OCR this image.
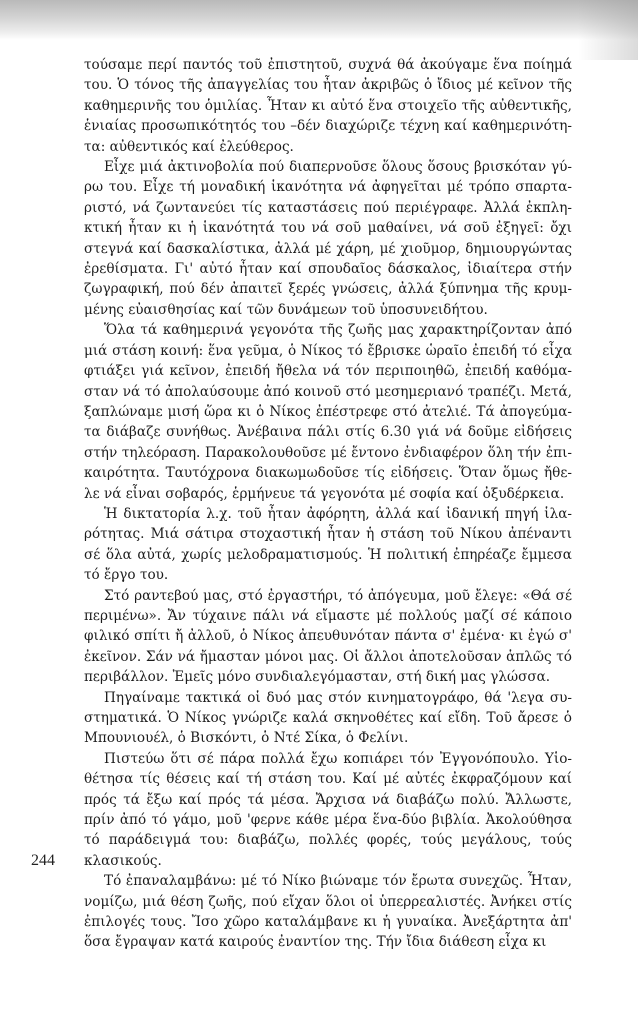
τούσαμε περί παντός τοῦ ἐπιστητοῦ, συχνά θά ἀκούγαμε ἕνα ποίημά του. Ὁ τόνος τῆς ἀπαγγελίας του ἦταν ἀκριβῶς ὁ ἴδιος μέ κεῖνον τῆς καθημερινῆς του ὁμιλίας. Ἦταν κι αὐτό ἕνα στοιχεῖο τῆς αὐθεντικῆς, ἑνιαίας προσωπικότητός του –δέν διαχώριζε τέχνη καί καθημερινότητα: αὐθεντικός καί ἐλεύθερος.

Εἶχε μιά ἀκτινοβολία πού διαπερνοῦσε ὅλους ὅσους βρισκόταν γύρω του. Εἶχε τή μοναδική ἱκανότητα νά ἀφηγεῖται μέ τρόπο σπαρταριστό, νά ζωντανεύει τίς καταστάσεις πού περιέγραφε. Ἀλλά ἐκπληκτική ἦταν κι ἡ ἱκανότητά του νά σοῦ μαθαίνει, νά σοῦ ἐξηγεῖ: ὄχι στεγνά καί δασκαλίστικα, ἀλλά μέ χάρη, μέ χιοῦμορ, δημιουργώντας ἐρεθίσματα. Γι' αὐτό ἦταν καί σπουδαῖος δάσκαλος, ἰδιαίτερα στήν ζωγραφική, πού δέν ἀπαιτεῖ ξερές γνώσεις, ἀλλά ξύπνημα τῆς κρυμμένης εὐαισθησίας καί τῶν δυνάμεων τοῦ ὑποσυνειδήτου.

Ὅλα τά καθημερινά γεγονότα τῆς ζωῆς μας χαρακτηρίζονταν ἀπό μιά στάση κοινή: ἕνα γεῦμα, ὁ Νίκος τό ἔβρισκε ὡραῖο ἐπειδή τό εἶχα φτιάξει γιά κεῖνον, ἐπειδή ἤθελα νά τόν περιποιηθῶ, ἐπειδή καθόμασταν νά τό ἀπολαύσουμε ἀπό κοινοῦ στό μεσημεριανό τραπέζι. Μετά, ξαπλώναμε μισή ὥρα κι ὁ Νίκος ἐπέστρεφε στό ἀτελιέ. Τά ἀπογεύματα διάβαζε συνήθως. Ἀνέβαινα πάλι στίς 6.30 γιά νά δοῦμε εἰδήσεις στήν τηλεόραση. Παρακολουθοῦσε μέ ἔντονο ἐνδιαφέρον ὅλη τήν ἐπικαιρότητα. Ταυτόχρονα διακωμωδοῦσε τίς εἰδήσεις. Ὅταν ὅμως ἤθελε νά εἶναι σοβαρός, ἑρμήνευε τά γεγονότα μέ σοφία καί ὀξυδέρκεια.

Ἡ δικτατορία λ.χ. τοῦ ἦταν ἀφόρητη, ἀλλά καί ἰδανική πηγή ἱλαρότητας. Μιά σάτιρα στοχαστική ἦταν ἡ στάση τοῦ Νίκου ἀπέναντι σέ ὅλα αὐτά, χωρίς μελοδραματισμούς. Ἡ πολιτική ἐπηρέαζε ἔμμεσα τό ἔργο του.

Στό ραντεβού μας, στό ἐργαστήρι, τό ἀπόγευμα, μοῦ ἔλεγε: «Θά σέ περιμένω». Ἄν τύχαινε πάλι νά εἴμαστε μέ πολλούς μαζί σέ κάποιο φιλικό σπίτι ἤ ἀλλοῦ, ὁ Νίκος ἀπευθυνόταν πάντα σ' ἐμένα· κι ἐγώ σ' ἐκεῖνον. Σάν νά ἤμασταν μόνοι μας. Οἱ ἄλλοι ἀποτελοῦσαν ἁπλῶς τό περιβάλλον. Ἐμεῖς μόνο συνδιαλεγόμασταν, στή δική μας γλώσσα.

Πηγαίναμε τακτικά οἱ δυό μας στόν κινηματογράφο, θά 'λεγα συστηματικά. Ὁ Νίκος γνώριζε καλά σκηνοθέτες καί εἴδη. Τοῦ ἄρεσε ὁ Μπουνιουέλ, ὁ Βισκόντι, ὁ Ντέ Σίκα, ὁ Φελίνι.

Πιστεύω ὅτι σέ πάρα πολλά ἔχω κοπιάρει τόν Ἐγγονόπουλο. Υἱοθέτησα τίς θέσεις καί τή στάση του. Καί μέ αὐτές ἐκφραζόμουν καί πρός τά ἔξω καί πρός τά μέσα. Ἄρχισα νά διαβάζω πολύ. Ἄλλωστε, πρίν ἀπό τό γάμο, μοῦ 'φερνε κάθε μέρα ἕνα-δύο βιβλία. Ἀκολούθησα τό παράδειγμά του: διαβάζω, πολλές φορές, τούς μεγάλους, τούς κλασικούς.

Τό ἐπαναλαμβάνω: μέ τό Νίκο βιώναμε τόν ἔρωτα συνεχῶς. Ἦταν, νομίζω, μιά θέση ζωῆς, πού εἴχαν ὅλοι οἱ ὑπερρεαλιστές. Ἀνήκει στίς ἐπιλογές τους. Ἴσο χῶρο καταλάμβανε κι ἡ γυναίκα. Ἀνεξάρτητα ἀπ' ὅσα ἔγραψαν κατά καιρούς ἐναντίον της. Τήν ἴδια διάθεση εἶχα κι

244
